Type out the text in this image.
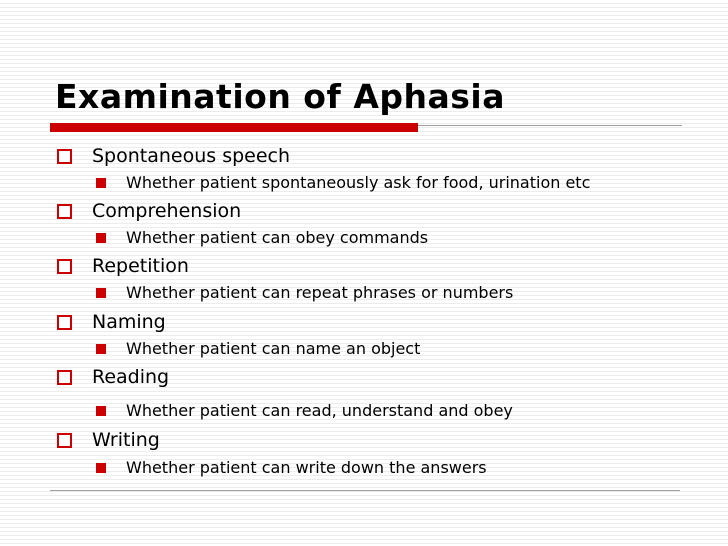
Examination of Aphasia
Spontaneous speech
Whether patient spontaneously ask for food, urination etc
Comprehension
Whether patient can obey commands
Repetition
Whether patient can repeat phrases or numbers
Naming
Whether patient can name an object
Reading
Whether patient can read, understand and obey
Writing
Whether patient can write down the answers
